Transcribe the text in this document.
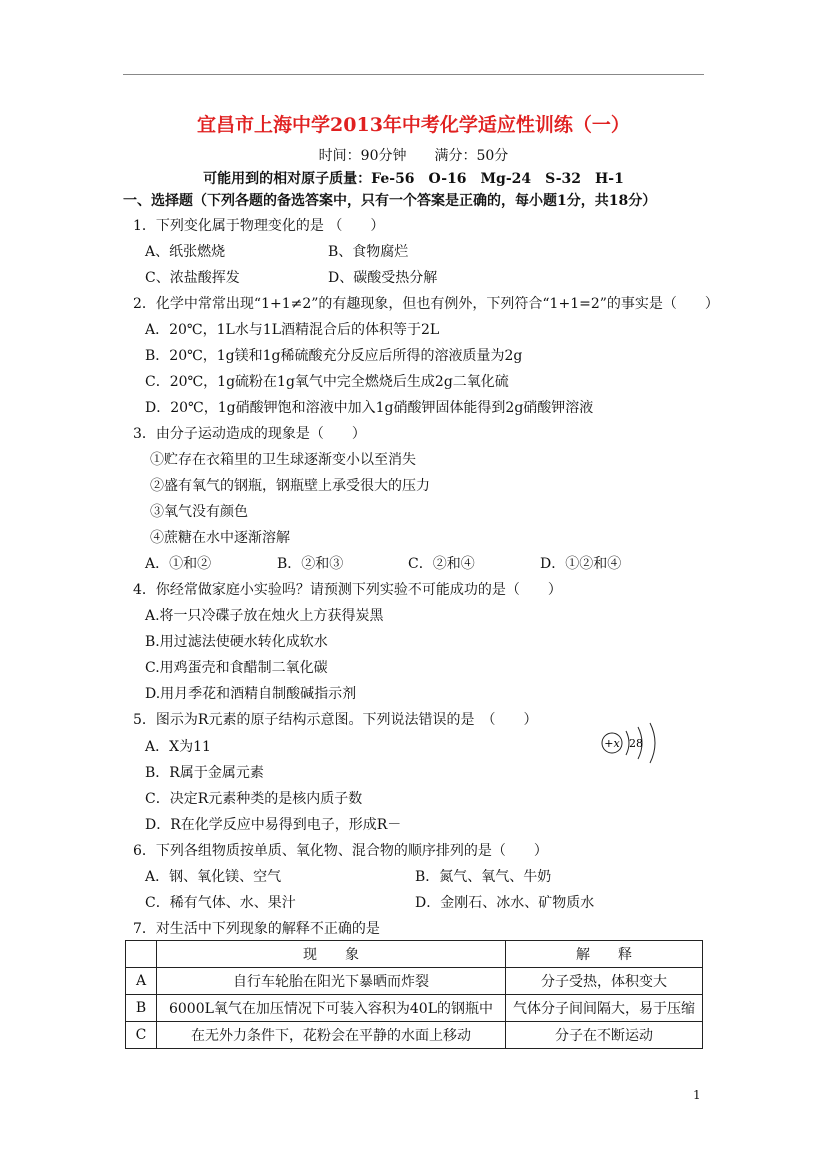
宜昌市上海中学2013年中考化学适应性训练（一）
时间：90分钟　　满分：50分
可能用到的相对原子质量：Fe-56　O-16　Mg-24　S-32　H-1
一、选择题（下列各题的备选答案中，只有一个答案是正确的，每小题1分，共18分）
1．下列变化属于物理变化的是 （　　）
A、纸张燃烧	B、食物腐烂
C、浓盐酸挥发	D、碳酸受热分解
2．化学中常常出现“1+1≠2”的有趣现象，但也有例外，下列符合“1+1=2”的事实是（　　）
A．20℃，1L水与1L酒精混合后的体积等于2L
B．20℃，1g镁和1g稀硫酸充分反应后所得的溶液质量为2g
C．20℃，1g硫粉在1g氧气中完全燃烧后生成2g二氧化硫
D．20℃，1g硝酸钾饱和溶液中加入1g硝酸钾固体能得到2g硝酸钾溶液
3．由分子运动造成的现象是（　　）
①贮存在衣箱里的卫生球逐渐变小以至消失
②盛有氧气的钢瓶，钢瓶壁上承受很大的压力
③氧气没有颜色
④蔗糖在水中逐渐溶解
A．①和②	B．②和③	C．②和④	D．①②和④
4．你经常做家庭小实验吗？请预测下列实验不可能成功的是（　　）
A.将一只冷碟子放在烛火上方获得炭黑
B.用过滤法使硬水转化成软水
C.用鸡蛋壳和食醋制二氧化碳
D.用月季花和酒精自制酸碱指示剂
5．图示为R元素的原子结构示意图。下列说法错误的是　（　　）
A．X为11
B．R属于金属元素
C．决定R元素种类的是核内质子数
D．R在化学反应中易得到电子，形成R－
+x 28
6．下列各组物质按单质、氧化物、混合物的顺序排列的是（　　）
A．钢、氧化镁、空气	B．氮气、氧气、牛奶
C．稀有气体、水、果汁	D．金刚石、冰水、矿物质水
7．对生活中下列现象的解释不正确的是
	现　　象	解　　释
A	自行车轮胎在阳光下暴晒而炸裂	分子受热，体积变大
B	6000L氧气在加压情况下可装入容积为40L的钢瓶中	气体分子间间隔大，易于压缩
C	在无外力条件下，花粉会在平静的水面上移动	分子在不断运动
1
